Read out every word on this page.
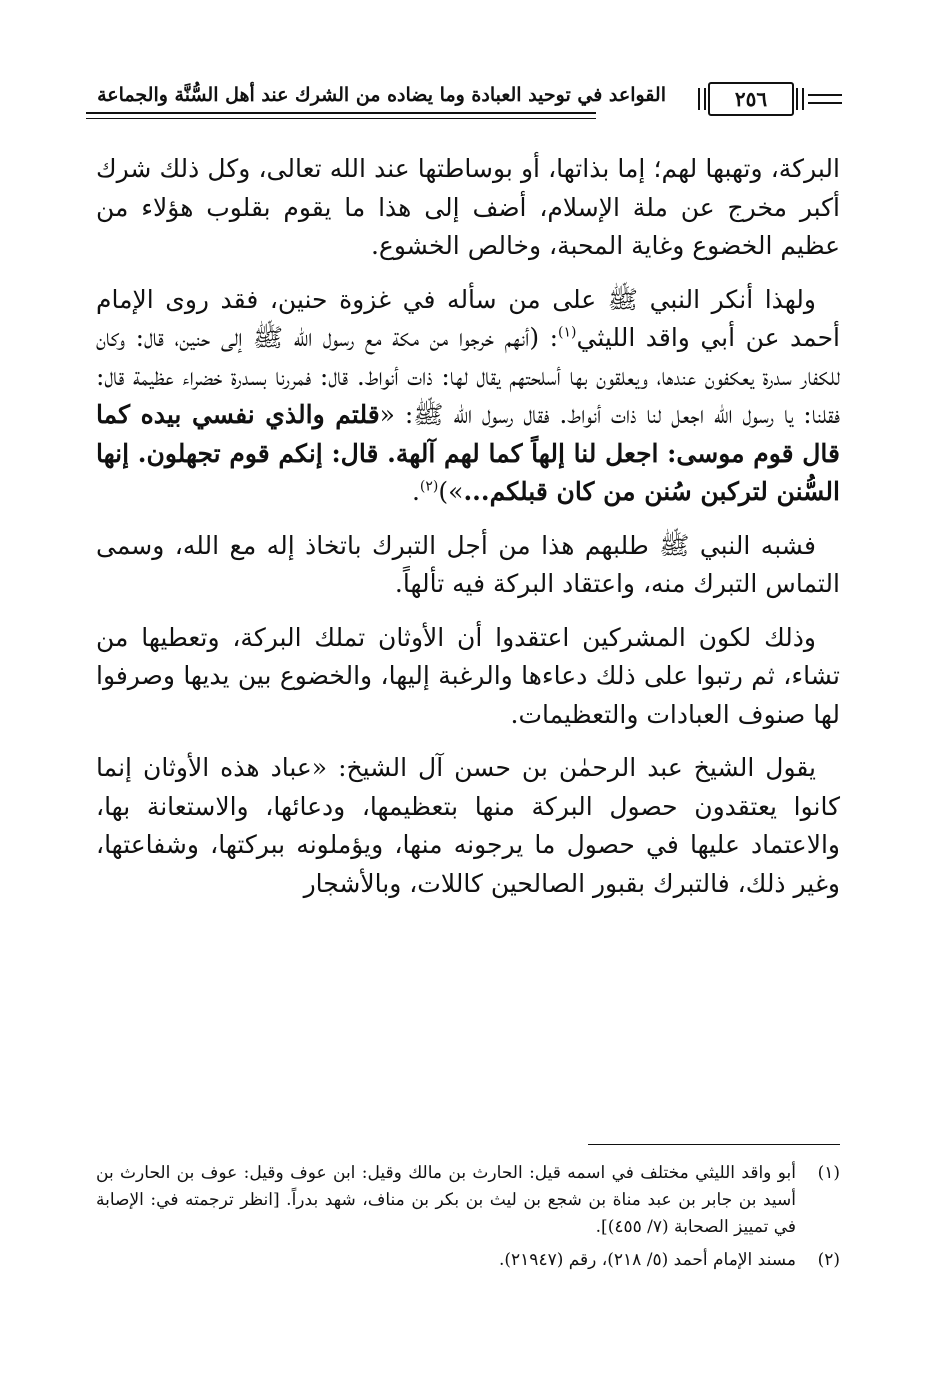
القواعد في توحيد العبادة وما يضاده من الشرك عند أهل السُّنَّة والجماعة	٢٥٦

البركة، وتهبها لهم؛ إما بذاتها، أو بوساطتها عند الله تعالى، وكل ذلك شرك أكبر مخرج عن ملة الإسلام، أضف إلى هذا ما يقوم بقلوب هؤلاء من عظيم الخضوع وغاية المحبة، وخالص الخشوع.

ولهذا أنكر النبي ﷺ على من سأله في غزوة حنين، فقد روى الإمام أحمد عن أبي واقد الليثي$^{(١)}$: (أنهم خرجوا من مكة مع رسول الله ﷺ إلى حنين، قال: وكان للكفار سدرة يعكفون عندها، ويعلقون بها أسلحتهم يقال لها: ذات أنواط. قال: فمررنا بسدرة خضراء عظيمة قال: فقلنا: يا رسول الله اجعل لنا ذات أنواط. فقال رسول الله ﷺ: «قلتم والذي نفسي بيده كما قال قوم موسى: اجعل لنا إلهاً كما لهم آلهة. قال: إنكم قوم تجهلون. إنها السُّنن لتركبن سُنن من كان قبلكم...»)$^{(٢)}$.

فشبه النبي ﷺ طلبهم هذا من أجل التبرك باتخاذ إله مع الله، وسمى التماس التبرك منه، واعتقاد البركة فيه تألهاً.

وذلك لكون المشركين اعتقدوا أن الأوثان تملك البركة، وتعطيها من تشاء، ثم رتبوا على ذلك دعاءها والرغبة إليها، والخضوع بين يديها وصرفوا لها صنوف العبادات والتعظيمات.

يقول الشيخ عبد الرحمٰن بن حسن آل الشيخ: «عباد هذه الأوثان إنما كانوا يعتقدون حصول البركة منها بتعظيمها، ودعائها، والاستعانة بها، والاعتماد عليها في حصول ما يرجونه منها، ويؤملونه ببركتها، وشفاعتها، وغير ذلك، فالتبرك بقبور الصالحين كاللات، وبالأشجار

(١)
أبو واقد الليثي مختلف في اسمه قيل: الحارث بن مالك وقيل: ابن عوف وقيل: عوف بن الحارث بن أسيد بن جابر بن عبد مناة بن شجع بن ليث بن بكر بن مناف، شهد بدراً. [انظر ترجمته في: الإصابة في تمييز الصحابة (٧/ ٤٥٥)].
(٢)
مسند الإمام أحمد (٥/ ٢١٨)، رقم (٢١٩٤٧).
